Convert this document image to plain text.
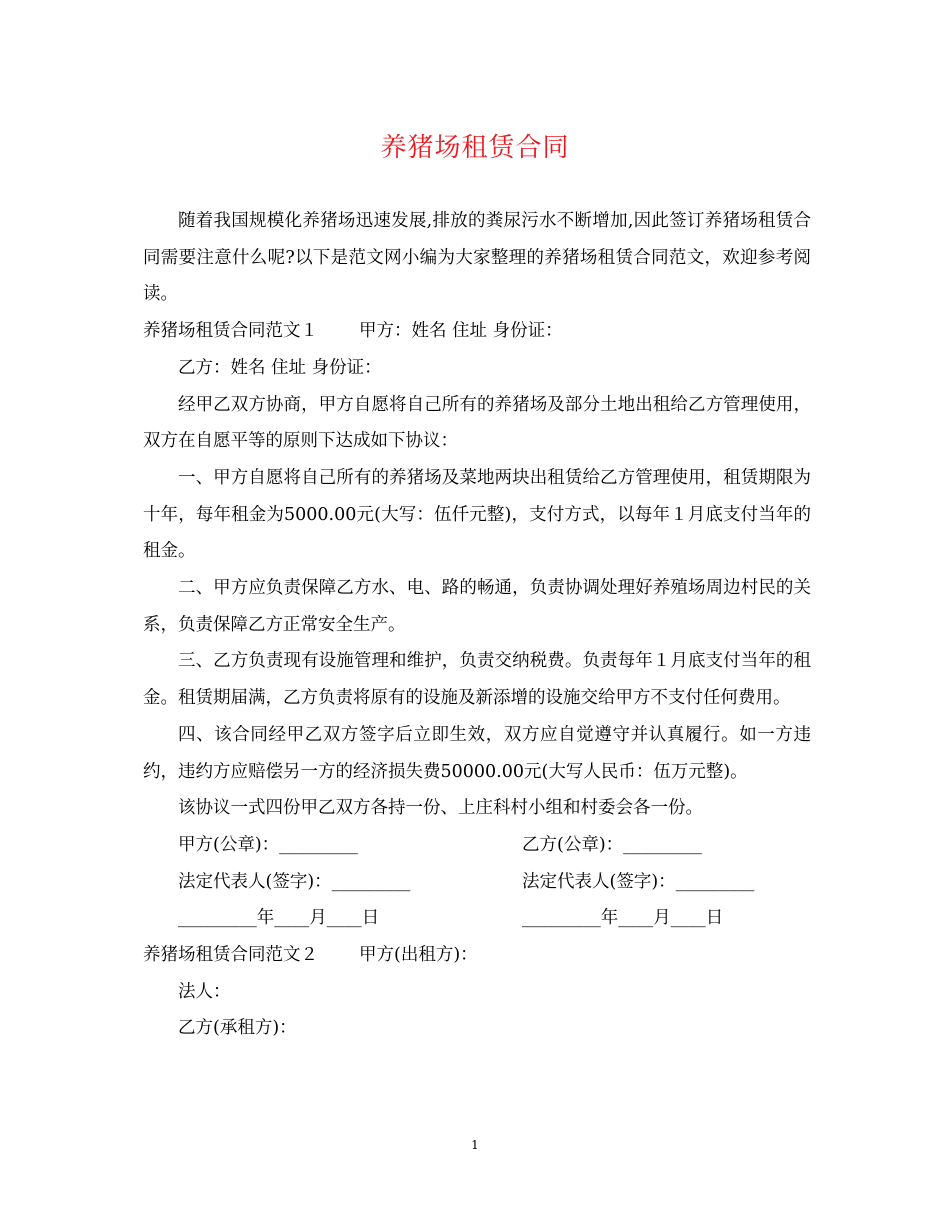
养猪场租赁合同

随着我国规模化养猪场迅速发展,排放的粪尿污水不断增加,因此签订养猪场租赁合同需要注意什么呢?以下是范文网小编为大家整理的养猪场租赁合同范文，欢迎参考阅读。

养猪场租赁合同范文１ 甲方：姓名 住址 身份证：

乙方：姓名 住址 身份证：

经甲乙双方协商，甲方自愿将自己所有的养猪场及部分土地出租给乙方管理使用，双方在自愿平等的原则下达成如下协议：

一、甲方自愿将自己所有的养猪场及菜地两块出租赁给乙方管理使用，租赁期限为十年，每年租金为5000.00元(大写：伍仟元整)，支付方式，以每年１月底支付当年的租金。

二、甲方应负责保障乙方水、电、路的畅通，负责协调处理好养殖场周边村民的关系，负责保障乙方正常安全生产。

三、乙方负责现有设施管理和维护，负责交纳税费。负责每年１月底支付当年的租金。租赁期届满，乙方负责将原有的设施及新添增的设施交给甲方不支付任何费用。

四、该合同经甲乙双方签字后立即生效，双方应自觉遵守并认真履行。如一方违约，违约方应赔偿另一方的经济损失费50000.00元(大写人民币：伍万元整)。

该协议一式四份甲乙双方各持一份、上庄科村小组和村委会各一份。

甲方(公章)：_________	乙方(公章)：_________
法定代表人(签字)：_________	法定代表人(签字)：_________
_________年____月____日	_________年____月____日
养猪场租赁合同范文２ 甲方(出租方)：

法人：

乙方(承租方)：

1
